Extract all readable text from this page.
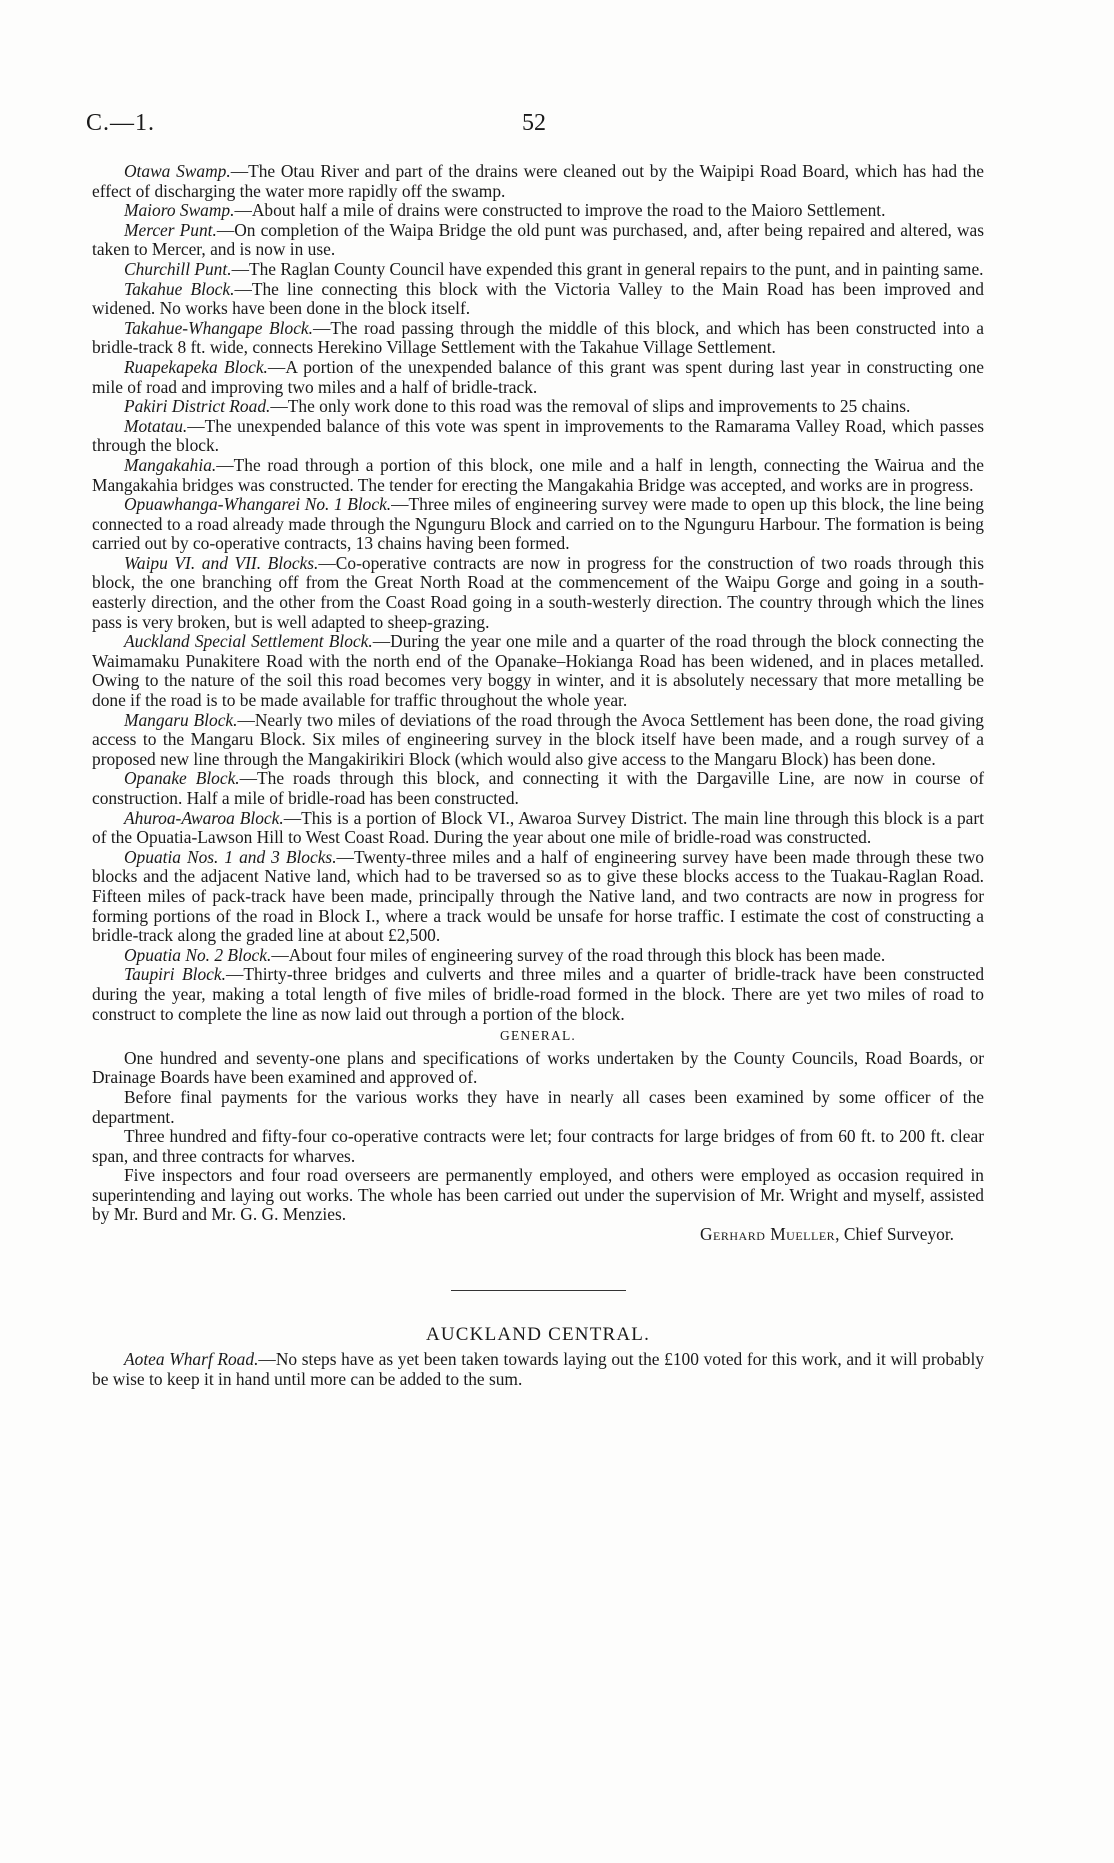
C.—1.	52

Otawa Swamp.—The Otau River and part of the drains were cleaned out by the Waipipi Road Board, which has had the effect of discharging the water more rapidly off the swamp.

Maioro Swamp.—About half a mile of drains were constructed to improve the road to the Maioro Settlement.

Mercer Punt.—On completion of the Waipa Bridge the old punt was purchased, and, after being repaired and altered, was taken to Mercer, and is now in use.

Churchill Punt.—The Raglan County Council have expended this grant in general repairs to the punt, and in painting same.

Takahue Block.—The line connecting this block with the Victoria Valley to the Main Road has been improved and widened. No works have been done in the block itself.

Takahue-Whangape Block.—The road passing through the middle of this block, and which has been constructed into a bridle-track 8 ft. wide, connects Herekino Village Settlement with the Takahue Village Settlement.

Ruapekapeka Block.—A portion of the unexpended balance of this grant was spent during last year in constructing one mile of road and improving two miles and a half of bridle-track.

Pakiri District Road.—The only work done to this road was the removal of slips and improvements to 25 chains.

Motatau.—The unexpended balance of this vote was spent in improvements to the Ramarama Valley Road, which passes through the block.

Mangakahia.—The road through a portion of this block, one mile and a half in length, connecting the Wairua and the Mangakahia bridges was constructed. The tender for erecting the Mangakahia Bridge was accepted, and works are in progress.

Opuawhanga-Whangarei No. 1 Block.—Three miles of engineering survey were made to open up this block, the line being connected to a road already made through the Ngunguru Block and carried on to the Ngunguru Harbour. The formation is being carried out by co-operative contracts, 13 chains having been formed.

Waipu VI. and VII. Blocks.—Co-operative contracts are now in progress for the construction of two roads through this block, the one branching off from the Great North Road at the commencement of the Waipu Gorge and going in a south-easterly direction, and the other from the Coast Road going in a south-westerly direction. The country through which the lines pass is very broken, but is well adapted to sheep-grazing.

Auckland Special Settlement Block.—During the year one mile and a quarter of the road through the block connecting the Waimamaku Punakitere Road with the north end of the Opanake–Hokianga Road has been widened, and in places metalled. Owing to the nature of the soil this road becomes very boggy in winter, and it is absolutely necessary that more metalling be done if the road is to be made available for traffic throughout the whole year.

Mangaru Block.—Nearly two miles of deviations of the road through the Avoca Settlement has been done, the road giving access to the Mangaru Block. Six miles of engineering survey in the block itself have been made, and a rough survey of a proposed new line through the Mangakirikiri Block (which would also give access to the Mangaru Block) has been done.

Opanake Block.—The roads through this block, and connecting it with the Dargaville Line, are now in course of construction. Half a mile of bridle-road has been constructed.

Ahuroa-Awaroa Block.—This is a portion of Block VI., Awaroa Survey District. The main line through this block is a part of the Opuatia-Lawson Hill to West Coast Road. During the year about one mile of bridle-road was constructed.

Opuatia Nos. 1 and 3 Blocks.—Twenty-three miles and a half of engineering survey have been made through these two blocks and the adjacent Native land, which had to be traversed so as to give these blocks access to the Tuakau-Raglan Road. Fifteen miles of pack-track have been made, principally through the Native land, and two contracts are now in progress for forming portions of the road in Block I., where a track would be unsafe for horse traffic. I estimate the cost of constructing a bridle-track along the graded line at about £2,500.

Opuatia No. 2 Block.—About four miles of engineering survey of the road through this block has been made.

Taupiri Block.—Thirty-three bridges and culverts and three miles and a quarter of bridle-track have been constructed during the year, making a total length of five miles of bridle-road formed in the block. There are yet two miles of road to construct to complete the line as now laid out through a portion of the block.

GENERAL.

One hundred and seventy-one plans and specifications of works undertaken by the County Councils, Road Boards, or Drainage Boards have been examined and approved of.

Before final payments for the various works they have in nearly all cases been examined by some officer of the department.

Three hundred and fifty-four co-operative contracts were let; four contracts for large bridges of from 60 ft. to 200 ft. clear span, and three contracts for wharves.

Five inspectors and four road overseers are permanently employed, and others were employed as occasion required in superintending and laying out works. The whole has been carried out under the supervision of Mr. Wright and myself, assisted by Mr. Burd and Mr. G. G. Menzies.

Gerhard Mueller, Chief Surveyor.

AUCKLAND CENTRAL.

Aotea Wharf Road.—No steps have as yet been taken towards laying out the £100 voted for this work, and it will probably be wise to keep it in hand until more can be added to the sum.
